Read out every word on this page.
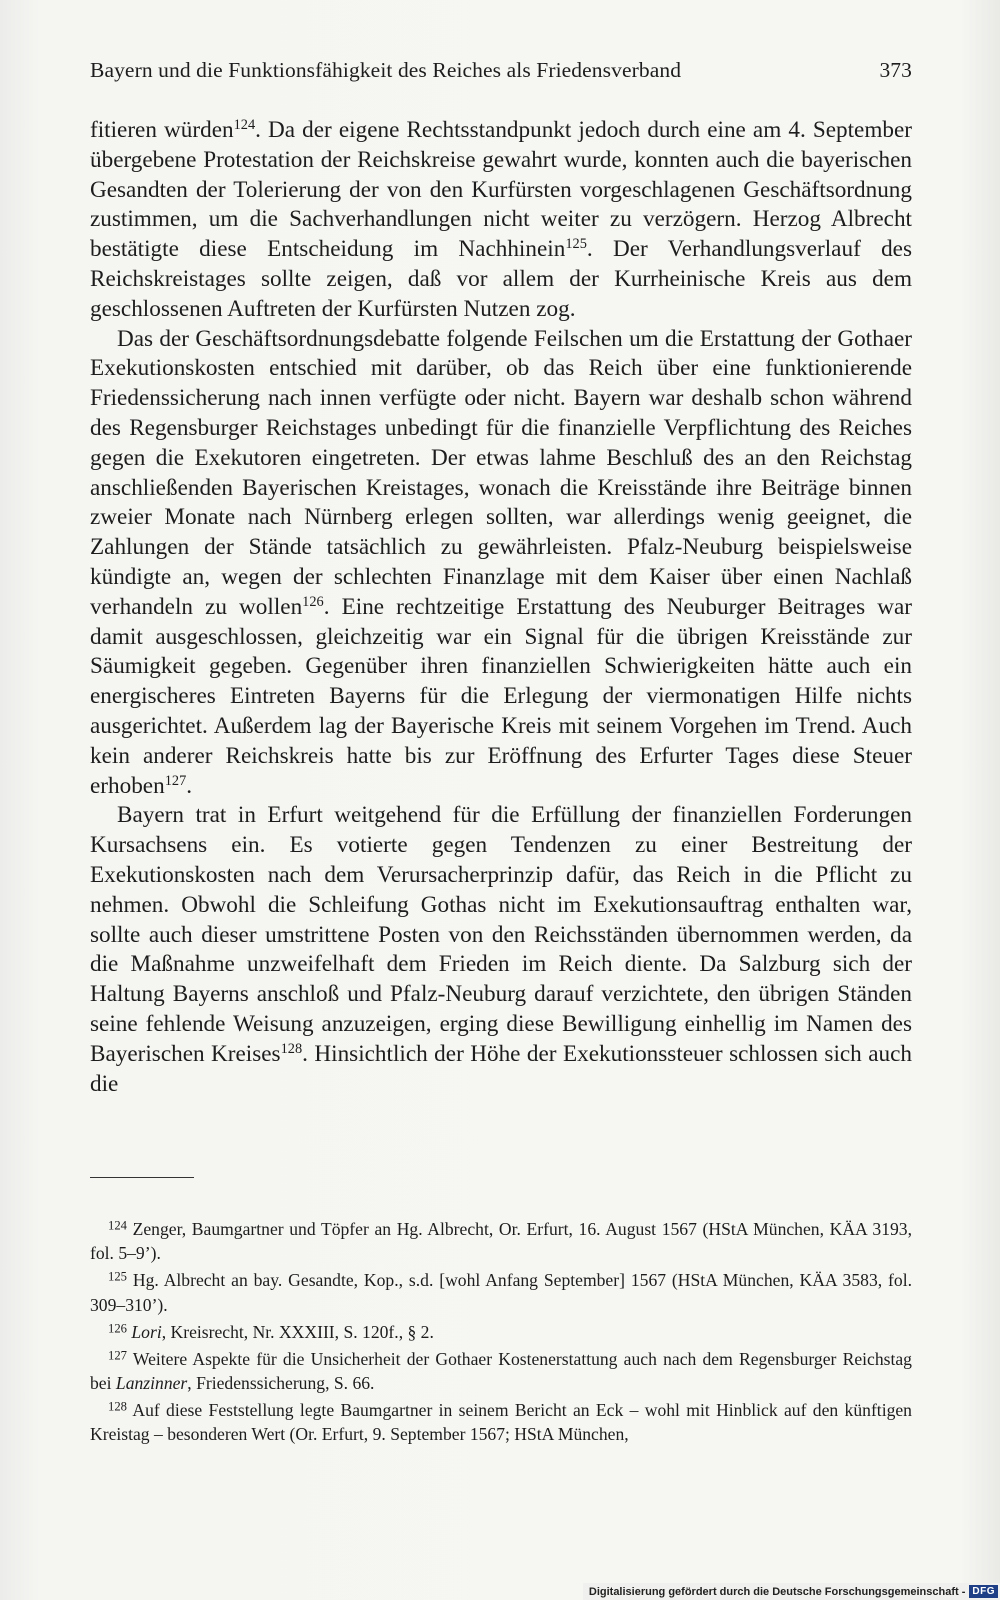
Bayern und die Funktionsfähigkeit des Reiches als Friedensverband	373

fitieren würden$^{124}$. Da der eigene Rechtsstandpunkt jedoch durch eine am 4. September übergebene Protestation der Reichskreise gewahrt wurde, konnten auch die bayerischen Gesandten der Tolerierung der von den Kurfürsten vorgeschlagenen Geschäftsordnung zustimmen, um die Sachverhandlungen nicht weiter zu verzögern. Herzog Albrecht bestätigte diese Entscheidung im Nachhinein$^{125}$. Der Verhandlungsverlauf des Reichskreistages sollte zeigen, daß vor allem der Kurrheinische Kreis aus dem geschlossenen Auftreten der Kurfürsten Nutzen zog.

Das der Geschäftsordnungsdebatte folgende Feilschen um die Erstattung der Gothaer Exekutionskosten entschied mit darüber, ob das Reich über eine funktionierende Friedenssicherung nach innen verfügte oder nicht. Bayern war deshalb schon während des Regensburger Reichstages unbedingt für die finanzielle Verpflichtung des Reiches gegen die Exekutoren eingetreten. Der etwas lahme Beschluß des an den Reichstag anschließenden Bayerischen Kreistages, wonach die Kreisstände ihre Beiträge binnen zweier Monate nach Nürnberg erlegen sollten, war allerdings wenig geeignet, die Zahlungen der Stände tatsächlich zu gewährleisten. Pfalz-Neuburg beispielsweise kündigte an, wegen der schlechten Finanzlage mit dem Kaiser über einen Nachlaß verhandeln zu wollen$^{126}$. Eine rechtzeitige Erstattung des Neuburger Beitrages war damit ausgeschlossen, gleichzeitig war ein Signal für die übrigen Kreisstände zur Säumigkeit gegeben. Gegenüber ihren finanziellen Schwierigkeiten hätte auch ein energischeres Eintreten Bayerns für die Erlegung der viermonatigen Hilfe nichts ausgerichtet. Außerdem lag der Bayerische Kreis mit seinem Vorgehen im Trend. Auch kein anderer Reichskreis hatte bis zur Eröffnung des Erfurter Tages diese Steuer erhoben$^{127}$.

Bayern trat in Erfurt weitgehend für die Erfüllung der finanziellen Forderungen Kursachsens ein. Es votierte gegen Tendenzen zu einer Bestreitung der Exekutionskosten nach dem Verursacherprinzip dafür, das Reich in die Pflicht zu nehmen. Obwohl die Schleifung Gothas nicht im Exekutionsauftrag enthalten war, sollte auch dieser umstrittene Posten von den Reichsständen übernommen werden, da die Maßnahme unzweifelhaft dem Frieden im Reich diente. Da Salzburg sich der Haltung Bayerns anschloß und Pfalz-Neuburg darauf verzichtete, den übrigen Ständen seine fehlende Weisung anzuzeigen, erging diese Bewilligung einhellig im Namen des Bayerischen Kreises$^{128}$. Hinsichtlich der Höhe der Exekutionssteuer schlossen sich auch die

$^{124}$ Zenger, Baumgartner und Töpfer an Hg. Albrecht, Or. Erfurt, 16. August 1567 (HStA München, KÄA 3193, fol. 5–9’).
$^{125}$ Hg. Albrecht an bay. Gesandte, Kop., s.d. [wohl Anfang September] 1567 (HStA München, KÄA 3583, fol. 309–310’).
$^{126}$ Lori, Kreisrecht, Nr. XXXIII, S. 120f., § 2.
$^{127}$ Weitere Aspekte für die Unsicherheit der Gothaer Kostenerstattung auch nach dem Regensburger Reichstag bei Lanzinner, Friedenssicherung, S. 66.
$^{128}$ Auf diese Feststellung legte Baumgartner in seinem Bericht an Eck – wohl mit Hinblick auf den künftigen Kreistag – besonderen Wert (Or. Erfurt, 9. September 1567; HStA München,
Digitalisierung gefördert durch die Deutsche Forschungsgemeinschaft - DFG
